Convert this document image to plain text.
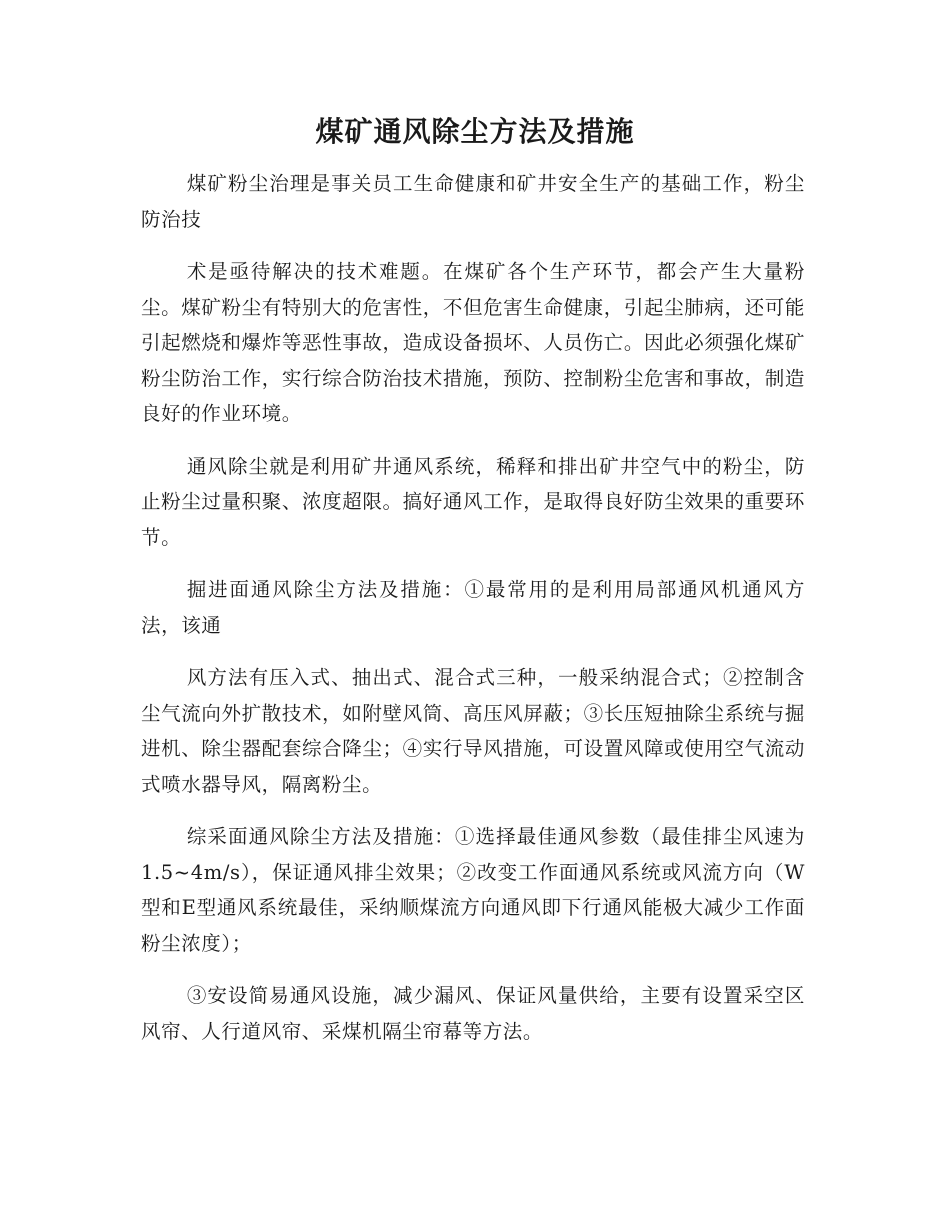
煤矿通风除尘方法及措施

煤矿粉尘治理是事关员工生命健康和矿井安全生产的基础工作，粉尘防治技

术是亟待解决的技术难题。在煤矿各个生产环节，都会产生大量粉尘。煤矿粉尘有特别大的危害性，不但危害生命健康，引起尘肺病，还可能引起燃烧和爆炸等恶性事故，造成设备损坏、人员伤亡。因此必须强化煤矿粉尘防治工作，实行综合防治技术措施，预防、控制粉尘危害和事故，制造良好的作业环境。

通风除尘就是利用矿井通风系统，稀释和排出矿井空气中的粉尘，防止粉尘过量积聚、浓度超限。搞好通风工作，是取得良好防尘效果的重要环节。

掘进面通风除尘方法及措施：①最常用的是利用局部通风机通风方法，该通

风方法有压入式、抽出式、混合式三种，一般采纳混合式；②控制含尘气流向外扩散技术，如附壁风筒、高压风屏蔽；③长压短抽除尘系统与掘进机、除尘器配套综合降尘；④实行导风措施，可设置风障或使用空气流动式喷水器导风，隔离粉尘。

综采面通风除尘方法及措施：①选择最佳通风参数（最佳排尘风速为1.5~4m/s），保证通风排尘效果；②改变工作面通风系统或风流方向（W 型和E型通风系统最佳，采纳顺煤流方向通风即下行通风能极大减少工作面粉尘浓度）；

③安设简易通风设施，减少漏风、保证风量供给，主要有设置采空区风帘、人行道风帘、采煤机隔尘帘幕等方法。
